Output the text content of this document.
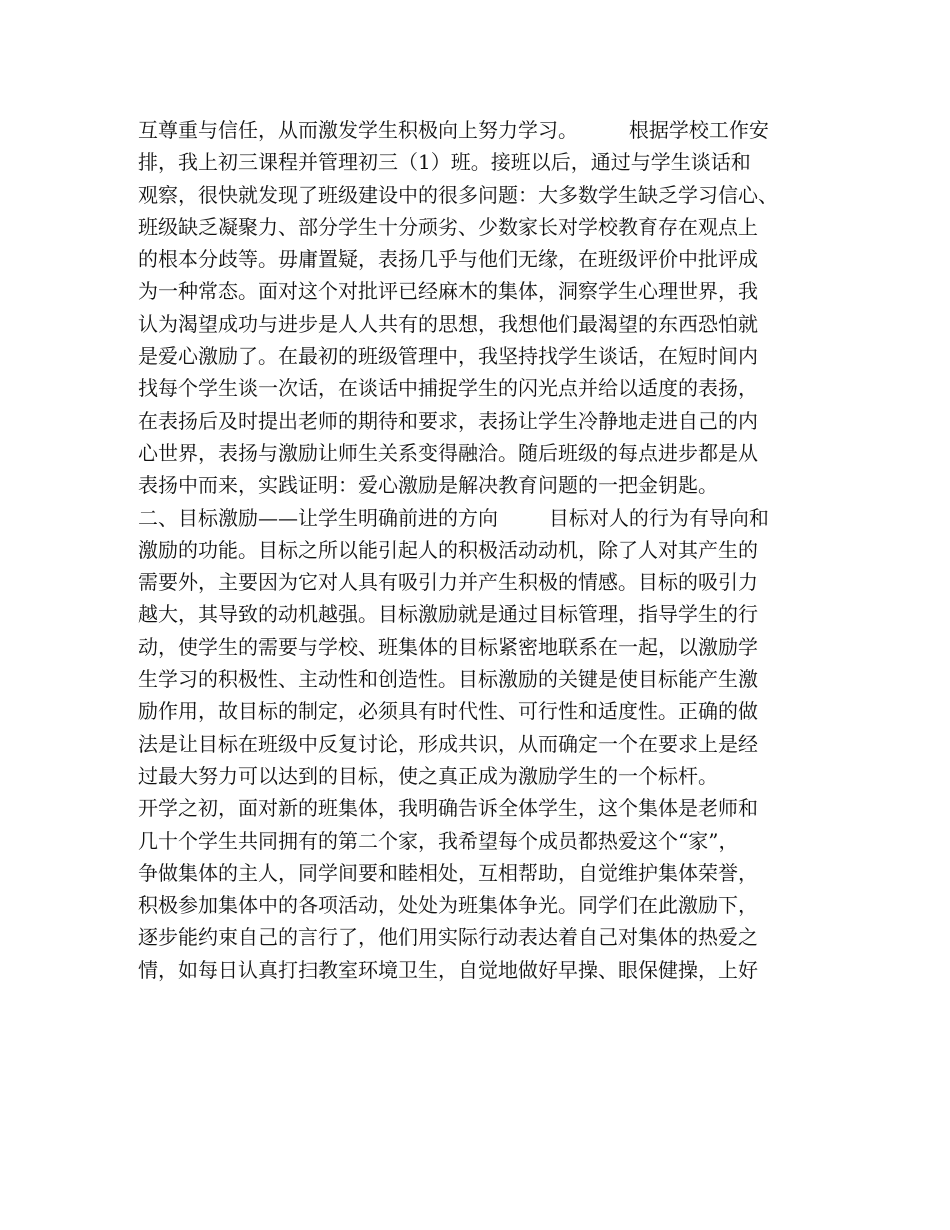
互尊重与信任，从而激发学生积极向上努力学习。        根据学校工作安
排，我上初三课程并管理初三（1）班。接班以后，通过与学生谈话和
观察，很快就发现了班级建设中的很多问题：大多数学生缺乏学习信心、
班级缺乏凝聚力、部分学生十分顽劣、少数家长对学校教育存在观点上
的根本分歧等。毋庸置疑，表扬几乎与他们无缘，在班级评价中批评成
为一种常态。面对这个对批评已经麻木的集体，洞察学生心理世界，我
认为渴望成功与进步是人人共有的思想，我想他们最渴望的东西恐怕就
是爱心激励了。在最初的班级管理中，我坚持找学生谈话，在短时间内
找每个学生谈一次话，在谈话中捕捉学生的闪光点并给以适度的表扬，
在表扬后及时提出老师的期待和要求，表扬让学生冷静地走进自己的内
心世界，表扬与激励让师生关系变得融洽。随后班级的每点进步都是从
表扬中而来，实践证明：爱心激励是解决教育问题的一把金钥匙。
二、目标激励——让学生明确前进的方向        目标对人的行为有导向和
激励的功能。目标之所以能引起人的积极活动动机，除了人对其产生的
需要外，主要因为它对人具有吸引力并产生积极的情感。目标的吸引力
越大，其导致的动机越强。目标激励就是通过目标管理，指导学生的行
动，使学生的需要与学校、班集体的目标紧密地联系在一起，以激励学
生学习的积极性、主动性和创造性。目标激励的关键是使目标能产生激
励作用，故目标的制定，必须具有时代性、可行性和适度性。正确的做
法是让目标在班级中反复讨论，形成共识，从而确定一个在要求上是经
过最大努力可以达到的目标，使之真正成为激励学生的一个标杆。
开学之初，面对新的班集体，我明确告诉全体学生，这个集体是老师和
几十个学生共同拥有的第二个家，我希望每个成员都热爱这个“家”，
争做集体的主人，同学间要和睦相处，互相帮助，自觉维护集体荣誉，
积极参加集体中的各项活动，处处为班集体争光。同学们在此激励下，
逐步能约束自己的言行了，他们用实际行动表达着自己对集体的热爱之
情，如每日认真打扫教室环境卫生，自觉地做好早操、眼保健操，上好
